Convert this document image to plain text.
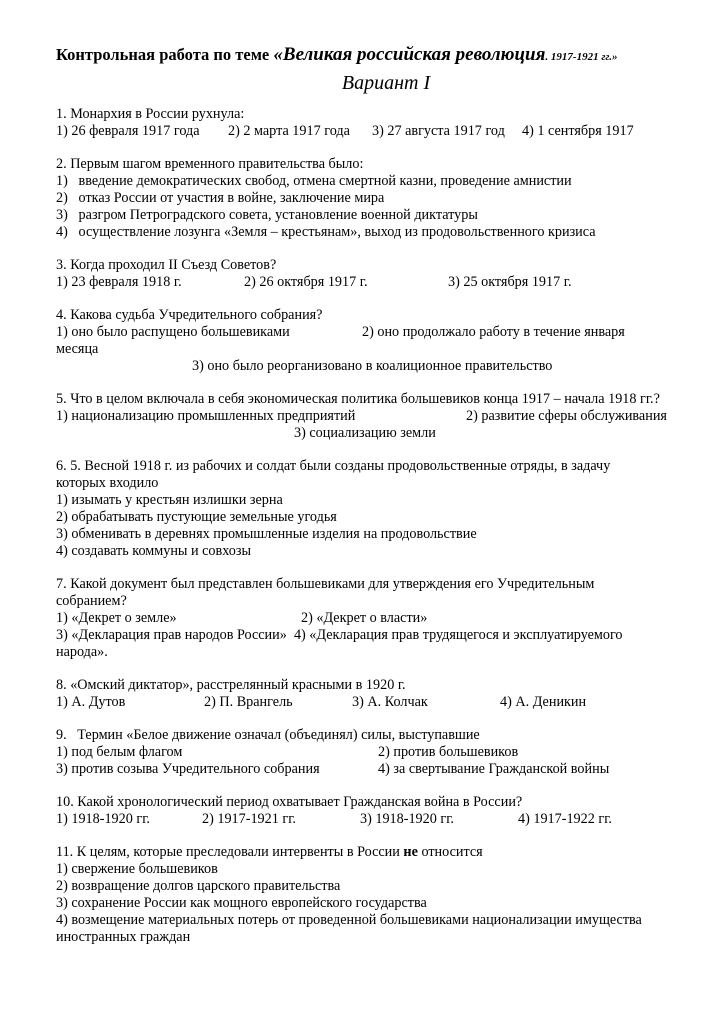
Контрольная работа по теме «Великая российская революция. 1917-1921 гг.»
Вариант I
1. Монархия в России рухнула:
1) 26 февраля 1917 года	2) 2 марта 1917 года	3) 27 августа 1917 год	4) 1 сентября 1917
2. Первым шагом временного правительства было:
1) введение демократических свобод, отмена смертной казни, проведение амнистии
2) отказ России от участия в войне, заключение мира
3) разгром Петроградского совета, установление военной диктатуры
4) осуществление лозунга «Земля – крестьянам», выход из продовольственного кризиса
3. Когда проходил II Съезд Советов?
1) 23 февраля 1918 г.	2) 26 октября 1917 г.	3) 25 октября 1917 г.
4. Какова судьба Учредительного собрания?
1) оно было распущено большевиками	2) оно продолжало работу в течение января
месяца
3) оно было реорганизовано в коалиционное правительство
5. Что в целом включала в себя экономическая политика большевиков конца 1917 – начала 1918 гг.?
1) национализацию промышленных предприятий	2) развитие сферы обслуживания
3) социализацию земли
6. 5. Весной 1918 г. из рабочих и солдат были созданы продовольственные отряды, в задачу которых входило
1) изымать у крестьян излишки зерна
2) обрабатывать пустующие земельные угодья
3) обменивать в деревнях промышленные изделия на продовольствие
4) создавать коммуны и совхозы
7. Какой документ был представлен большевиками для утверждения его Учредительным собранием?
1) «Декрет о земле»	2) «Декрет о власти»
3) «Декларация прав народов России» 4) «Декларация прав трудящегося и эксплуатируемого народа».
8. «Омский диктатор», расстрелянный красными в 1920 г.
1) А. Дутов	2) П. Врангель	3) А. Колчак	4) А. Деникин
9.   Термин «Белое движение означал (объединял) силы, выступавшие
1) под белым флагом	2) против большевиков
3) против созыва Учредительного собрания	4) за свертывание Гражданской войны
10. Какой хронологический период охватывает Гражданская война в России?
1) 1918-1920 гг.	2) 1917-1921 гг.	3) 1918-1920 гг.	4) 1917-1922 гг.
11. К целям, которые преследовали интервенты в России не относится
1) свержение большевиков
2) возвращение долгов царского правительства
3) сохранение России как мощного европейского государства
4) возмещение материальных потерь от проведенной большевиками национализации имущества иностранных граждан
